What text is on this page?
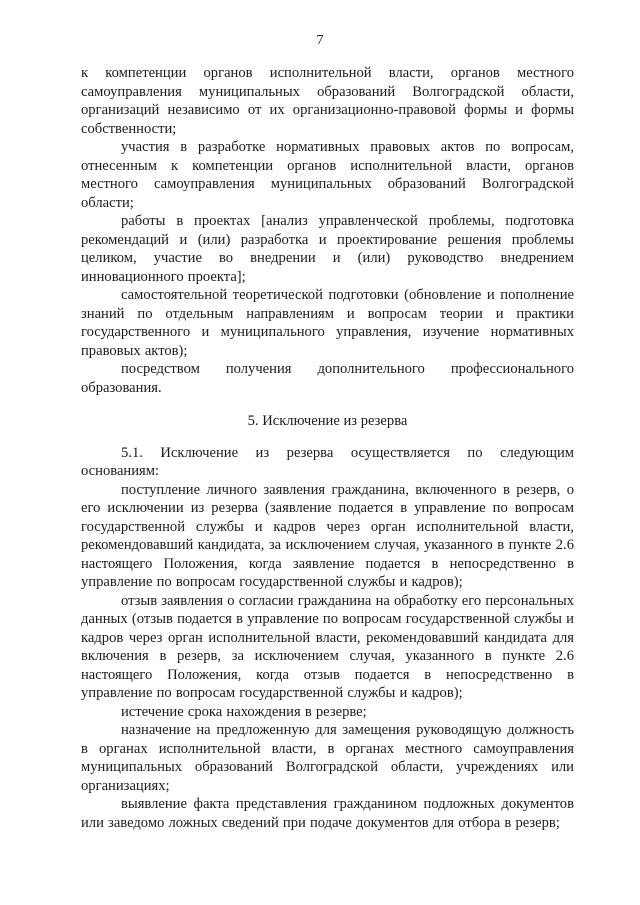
7

к компетенции органов исполнительной власти, органов местного самоуправления муниципальных образований Волгоградской области, организаций независимо от их организационно-правовой формы и формы собственности;

участия в разработке нормативных правовых актов по вопросам, отнесенным к компетенции органов исполнительной власти, органов местного самоуправления муниципальных образований Волгоградской области;

работы в проектах [анализ управленческой проблемы, подготовка рекомендаций и (или) разработка и проектирование решения проблемы целиком, участие во внедрении и (или) руководство внедрением инновационного проекта];

самостоятельной теоретической подготовки (обновление и пополнение знаний по отдельным направлениям и вопросам теории и практики государственного и муниципального управления, изучение нормативных правовых актов);

посредством получения дополнительного профессионального образования.

5. Исключение из резерва

5.1. Исключение из резерва осуществляется по следующим основаниям:

поступление личного заявления гражданина, включенного в резерв, о его исключении из резерва (заявление подается в управление по вопросам государственной службы и кадров через орган исполнительной власти, рекомендовавший кандидата, за исключением случая, указанного в пункте 2.6 настоящего Положения, когда заявление подается в непосредственно в управление по вопросам государственной службы и кадров);

отзыв заявления о согласии гражданина на обработку его персональных данных (отзыв подается в управление по вопросам государственной службы и кадров через орган исполнительной власти, рекомендовавший кандидата для включения в резерв, за исключением случая, указанного в пункте 2.6 настоящего Положения, когда отзыв подается в непосредственно в управление по вопросам государственной службы и кадров);

истечение срока нахождения в резерве;

назначение на предложенную для замещения руководящую должность в органах исполнительной власти, в органах местного самоуправления муниципальных образований Волгоградской области, учреждениях или организациях;

выявление факта представления гражданином подложных документов или заведомо ложных сведений при подаче документов для отбора в резерв;
